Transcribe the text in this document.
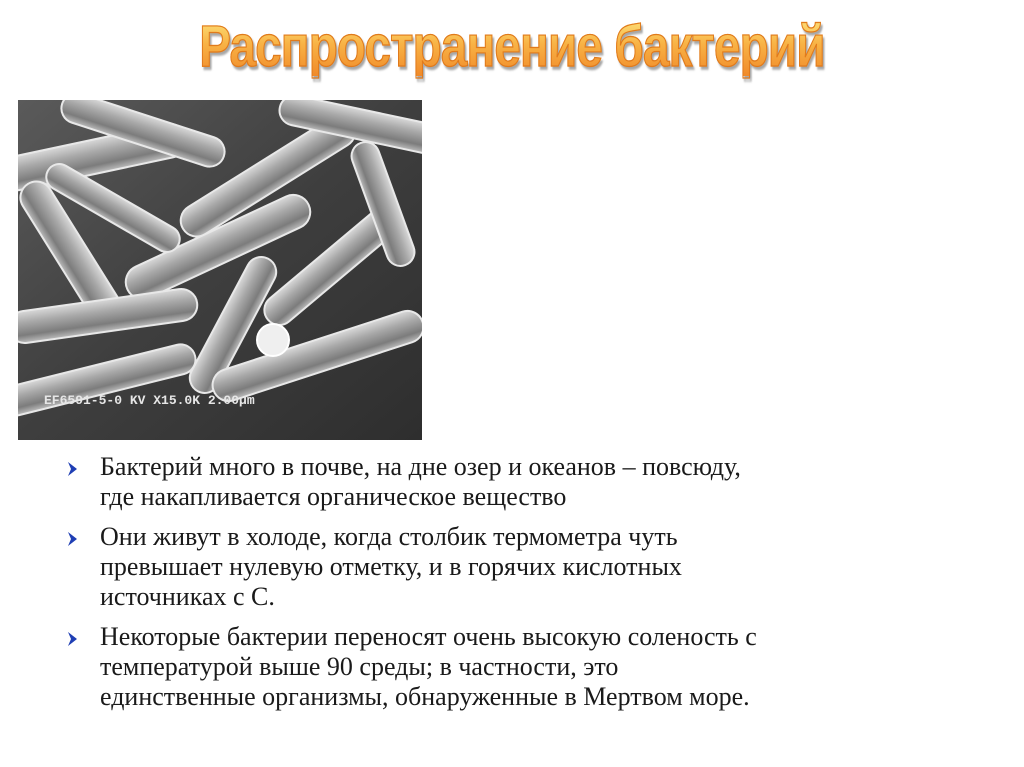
Распространение бактерий
EF6591-5-0 KV X15.0K 2.00µm
Бактерий много в почве, на дне озер и океанов – повсюду,
где накапливается органическое вещество
Они живут в холоде, когда столбик термометра чуть
превышает нулевую отметку, и в горячих кислотных
источниках с С.
Некоторые бактерии переносят очень высокую соленость с
температурой выше 90 среды; в частности, это
единственные организмы, обнаруженные в Мертвом море.
